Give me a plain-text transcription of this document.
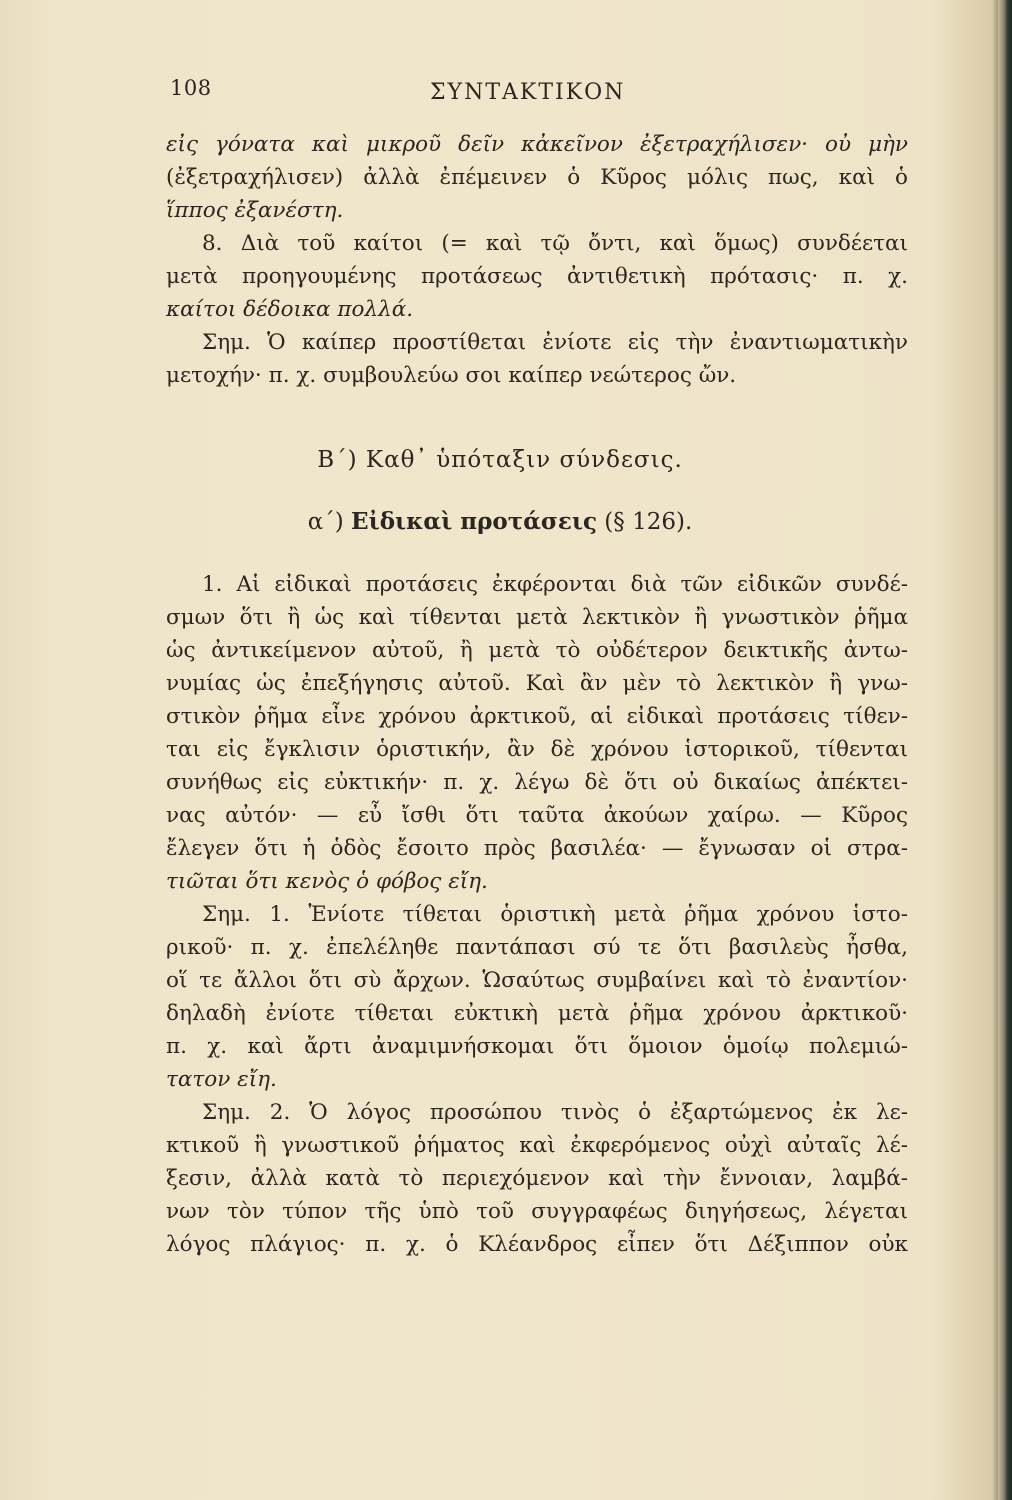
108	ΣΥΝΤΑΚΤΙΚΟΝ
εἰς γόνατα καὶ μικροῦ δεῖν κἀκεῖνον ἐξετραχήλισεν· οὐ μὴν
(ἐξετραχήλισεν) ἀλλὰ ἐπέμεινεν ὁ Κῦρος μόλις πως, καὶ ὁ
ἵππος ἐξανέστη.
8. Διὰ τοῦ καίτοι (= καὶ τῷ ὄντι, καὶ ὅμως) συνδέεται
μετὰ προηγουμένης προτάσεως ἀντιθετικὴ πρότασις· π. χ.
καίτοι δέδοικα πολλά.
Σημ. Ὁ καίπερ προστίθεται ἐνίοτε εἰς τὴν ἐναντιωματικὴν
μετοχήν· π. χ. συμβουλεύω σοι καίπερ νεώτερος ὤν.
Β΄) Καθ᾽ ὑπόταξιν σύνδεσις.
α΄) Εἰδικαὶ προτάσεις (§ 126).
1. Αἱ εἰδικαὶ προτάσεις ἐκφέρονται διὰ τῶν εἰδικῶν συνδέ-
σμων ὅτι ἢ ὡς καὶ τίθενται μετὰ λεκτικὸν ἢ γνωστικὸν ῥῆμα
ὡς ἀντικείμενον αὐτοῦ, ἢ μετὰ τὸ οὐδέτερον δεικτικῆς ἀντω-
νυμίας ὡς ἐπεξήγησις αὐτοῦ. Καὶ ἂν μὲν τὸ λεκτικὸν ἢ γνω-
στικὸν ῥῆμα εἶνε χρόνου ἀρκτικοῦ, αἱ εἰδικαὶ προτάσεις τίθεν-
ται εἰς ἔγκλισιν ὁριστικήν, ἂν δὲ χρόνου ἱστορικοῦ, τίθενται
συνήθως εἰς εὐκτικήν· π. χ. λέγω δὲ ὅτι οὐ δικαίως ἀπέκτει-
νας αὐτόν· — εὖ ἴσθι ὅτι ταῦτα ἀκούων χαίρω. — Κῦρος
ἔλεγεν ὅτι ἡ ὁδὸς ἔσοιτο πρὸς βασιλέα· — ἔγνωσαν οἱ στρα-
τιῶται ὅτι κενὸς ὁ φόβος εἴη.
Σημ. 1. Ἐνίοτε τίθεται ὁριστικὴ μετὰ ῥῆμα χρόνου ἱστο-
ρικοῦ· π. χ. ἐπελέληθε παντάπασι σύ τε ὅτι βασιλεὺς ἦσθα,
οἵ τε ἄλλοι ὅτι σὺ ἄρχων. Ὡσαύτως συμβαίνει καὶ τὸ ἐναντίον·
δηλαδὴ ἐνίοτε τίθεται εὐκτικὴ μετὰ ῥῆμα χρόνου ἀρκτικοῦ·
π. χ. καὶ ἄρτι ἀναμιμνήσκομαι ὅτι ὅμοιον ὁμοίῳ πολεμιώ-
τατον εἴη.
Σημ. 2. Ὁ λόγος προσώπου τινὸς ὁ ἐξαρτώμενος ἐκ λε-
κτικοῦ ἢ γνωστικοῦ ῥήματος καὶ ἐκφερόμενος οὐχὶ αὐταῖς λέ-
ξεσιν, ἀλλὰ κατὰ τὸ περιεχόμενον καὶ τὴν ἔννοιαν, λαμβά-
νων τὸν τύπον τῆς ὑπὸ τοῦ συγγραφέως διηγήσεως, λέγεται
λόγος πλάγιος· π. χ. ὁ Κλέανδρος εἶπεν ὅτι Δέξιππον οὐκ
